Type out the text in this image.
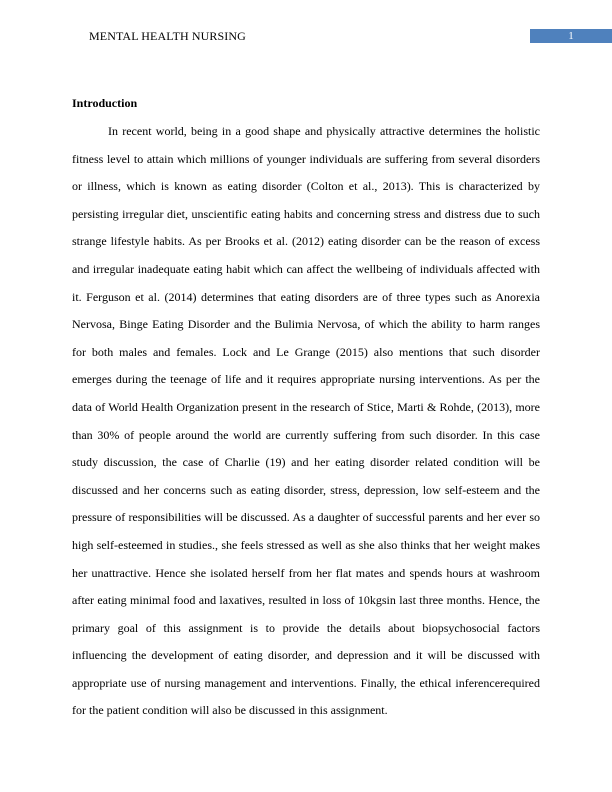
MENTAL HEALTH NURSING	1
Introduction
In recent world, being in a good shape and physically attractive determines the holistic
fitness level to attain which millions of younger individuals are suffering from several disorders
or illness, which is known as eating disorder (Colton et al., 2013). This is characterized by
persisting irregular diet, unscientific eating habits and concerning stress and distress due to such
strange lifestyle habits. As per Brooks et al. (2012) eating disorder can be the reason of excess
and irregular inadequate eating habit which can affect the wellbeing of individuals affected with
it. Ferguson et al. (2014) determines that eating disorders are of three types such as Anorexia
Nervosa, Binge Eating Disorder and the Bulimia Nervosa, of which the ability to harm ranges
for both males and females. Lock and Le Grange (2015) also mentions that such disorder
emerges during the teenage of life and it requires appropriate nursing interventions. As per the
data of World Health Organization present in the research of Stice, Marti & Rohde, (2013), more
than 30% of people around the world are currently suffering from such disorder. In this case
study discussion, the case of Charlie (19) and her eating disorder related condition will be
discussed and her concerns such as eating disorder, stress, depression, low self-esteem and the
pressure of responsibilities will be discussed. As a daughter of successful parents and her ever so
high self-esteemed in studies., she feels stressed as well as she also thinks that her weight makes
her unattractive. Hence she isolated herself from her flat mates and spends hours at washroom
after eating minimal food and laxatives, resulted in loss of 10kgsin last three months. Hence, the
primary goal of this assignment is to provide the details about biopsychosocial factors
influencing the development of eating disorder, and depression and it will be discussed with
appropriate use of nursing management and interventions. Finally, the ethical inferencerequired
for the patient condition will also be discussed in this assignment.
